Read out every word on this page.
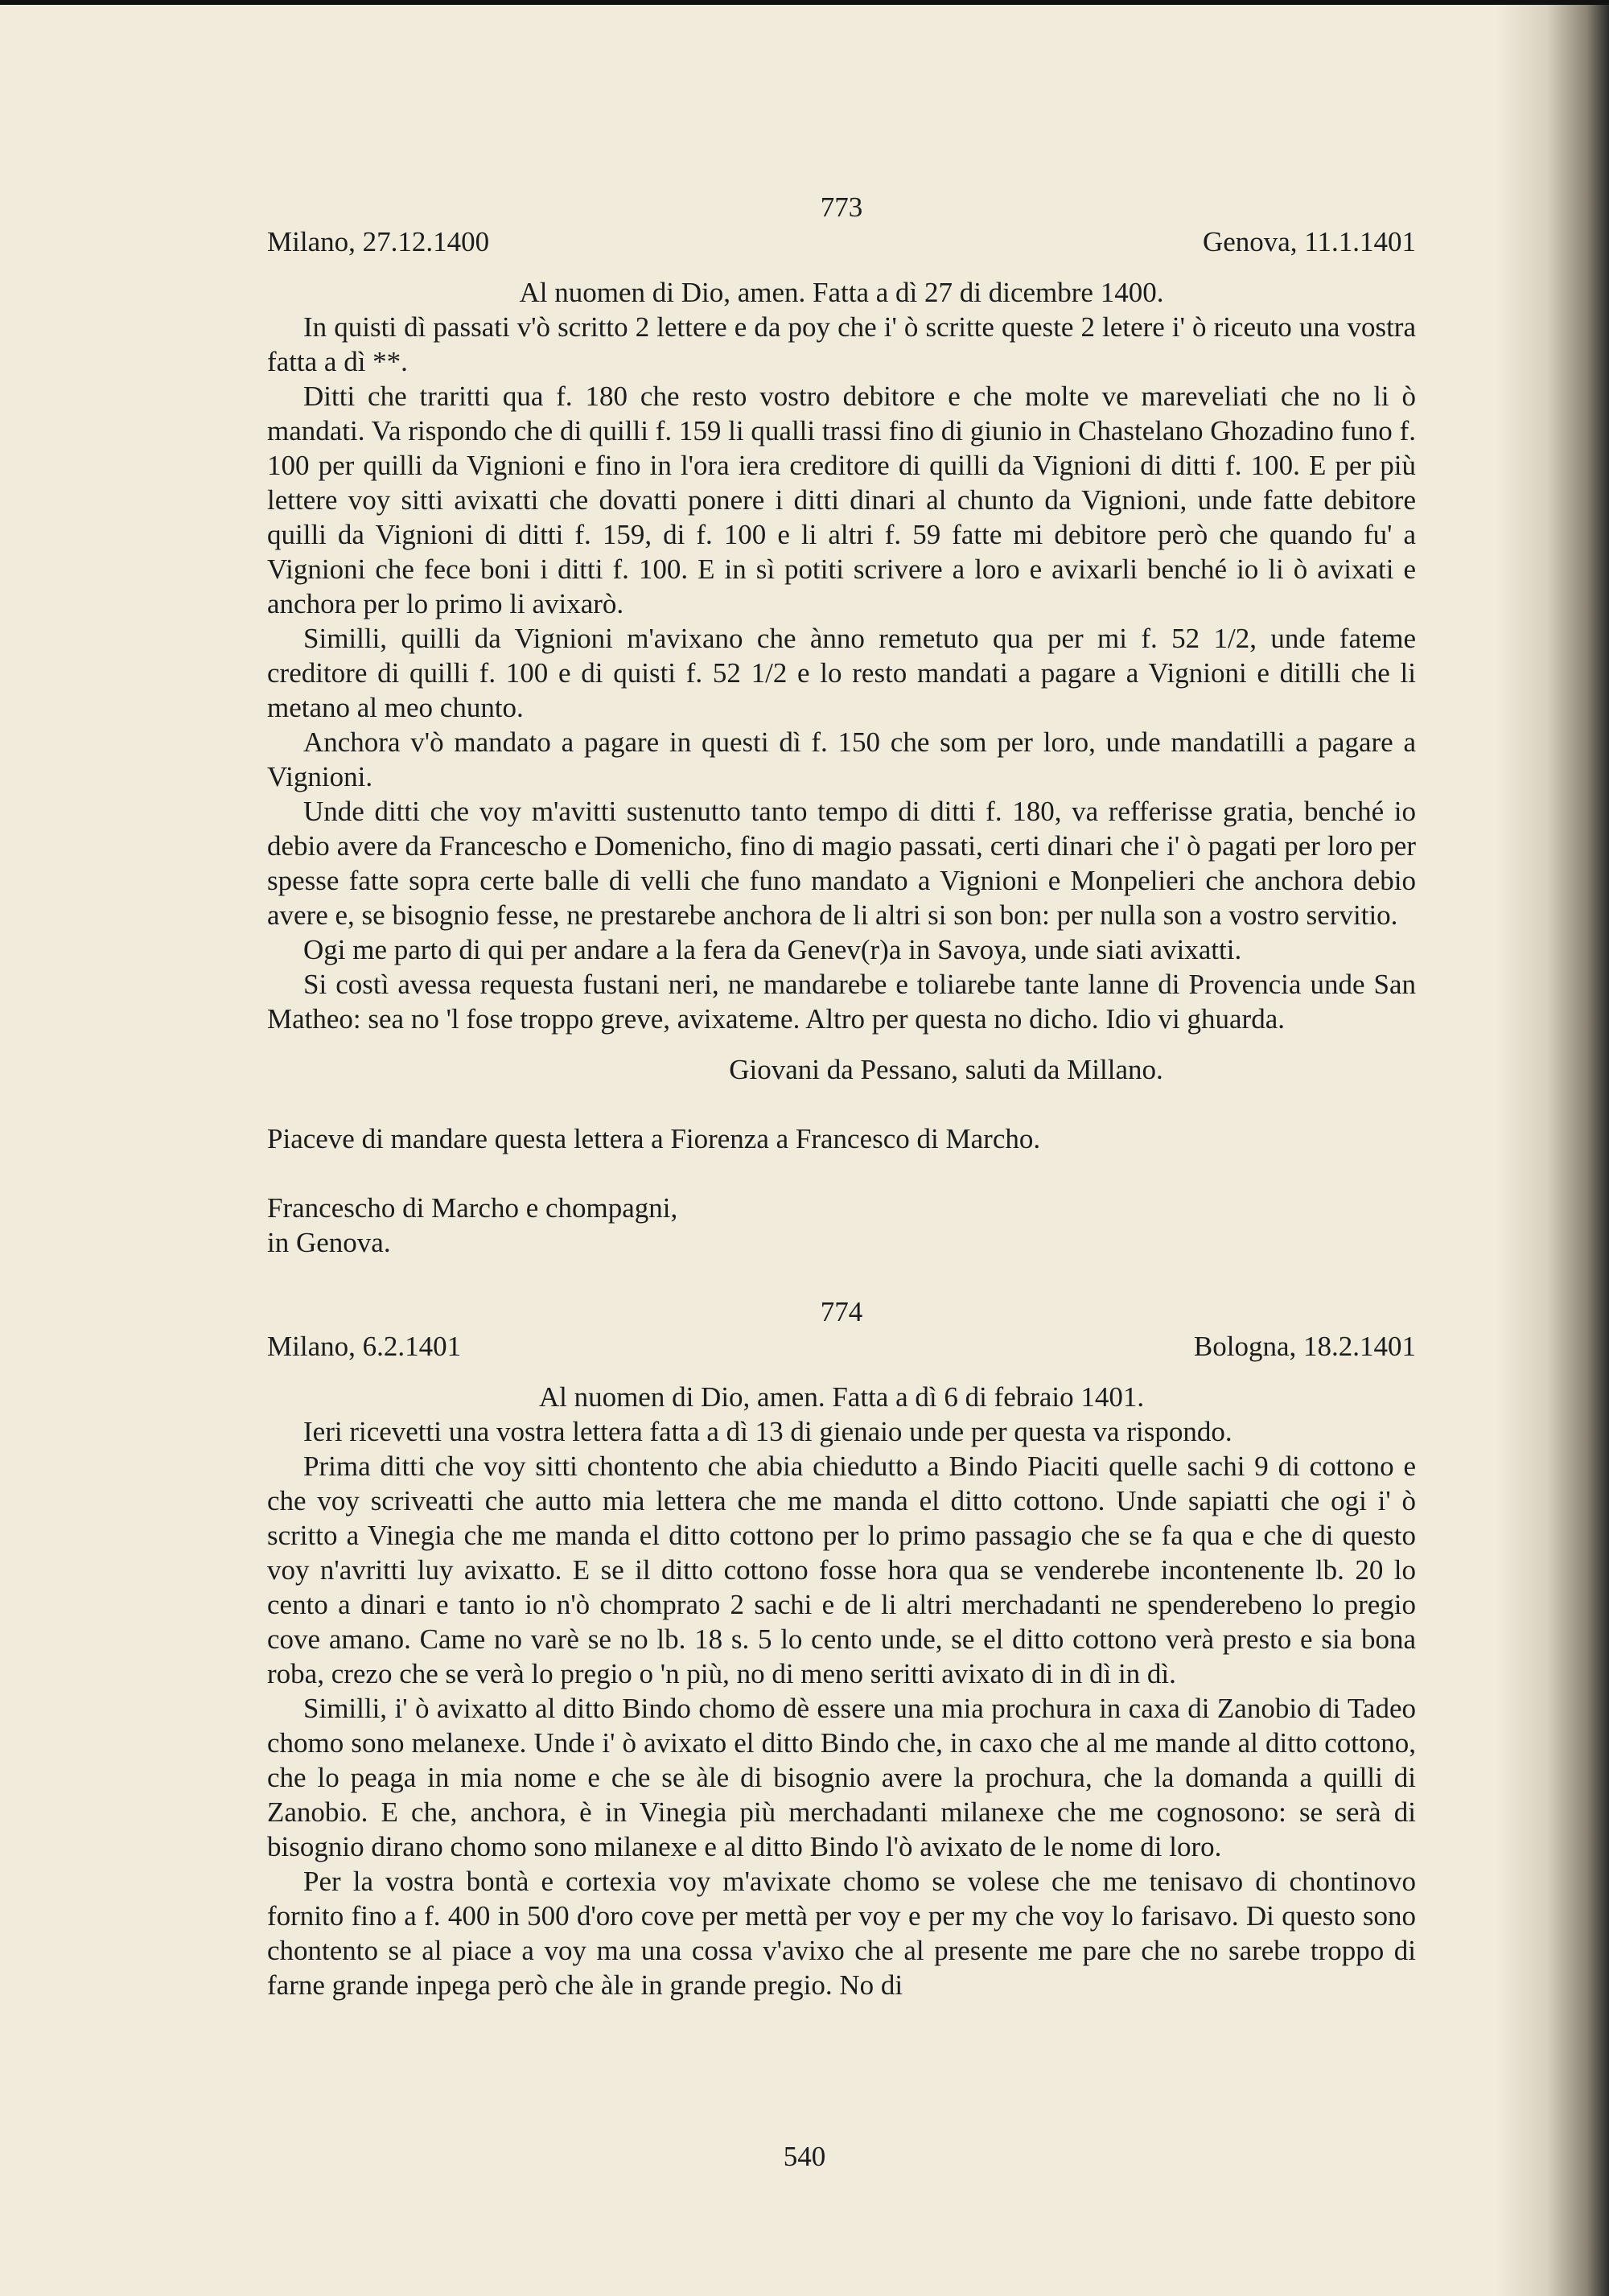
773
Milano, 27.12.1400	Genova, 11.1.1401
Al nuomen di Dio, amen. Fatta a dì 27 di dicembre 1400.

In quisti dì passati v'ò scritto 2 lettere e da poy che i' ò scritte queste 2 letere i' ò riceuto una vostra fatta a dì **.

Ditti che traritti qua f. 180 che resto vostro debitore e che molte ve mareveliati che no li ò mandati. Va rispondo che di quilli f. 159 li qualli trassi fino di giunio in Chastelano Ghozadino funo f. 100 per quilli da Vignioni e fino in l'ora iera creditore di quilli da Vignioni di ditti f. 100. E per più lettere voy sitti avixatti che dovatti ponere i ditti dinari al chunto da Vignioni, unde fatte debitore quilli da Vignioni di ditti f. 159, di f. 100 e li altri f. 59 fatte mi debitore però che quando fu' a Vignioni che fece boni i ditti f. 100. E in sì potiti scrivere a loro e avixarli benché io li ò avixati e anchora per lo primo li avixarò.

Similli, quilli da Vignioni m'avixano che ànno remetuto qua per mi f. 52 1/2, unde fateme creditore di quilli f. 100 e di quisti f. 52 1/2 e lo resto mandati a pagare a Vignioni e ditilli che li metano al meo chunto.

Anchora v'ò mandato a pagare in questi dì f. 150 che som per loro, unde mandatilli a pagare a Vignioni.

Unde ditti che voy m'avitti sustenutto tanto tempo di ditti f. 180, va refferisse gratia, benché io debio avere da Francescho e Domenicho, fino di magio passati, certi dinari che i' ò pagati per loro per spesse fatte sopra certe balle di velli che funo mandato a Vignioni e Monpelieri che anchora debio avere e, se bisognio fesse, ne prestarebe anchora de li altri si son bon: per nulla son a vostro servitio.

Ogi me parto di qui per andare a la fera da Genev(r)a in Savoya, unde siati avixatti.

Si costì avessa requesta fustani neri, ne mandarebe e toliarebe tante lanne di Provencia unde San Matheo: sea no 'l fose troppo greve, avixateme. Altro per questa no dicho. Idio vi ghuarda.

Giovani da Pessano, saluti da Millano.

Piaceve di mandare questa lettera a Fiorenza a Francesco di Marcho.

Francescho di Marcho e chompagni,
in Genova.
774
Milano, 6.2.1401	Bologna, 18.2.1401
Al nuomen di Dio, amen. Fatta a dì 6 di febraio 1401.

Ieri ricevetti una vostra lettera fatta a dì 13 di gienaio unde per questa va rispondo.

Prima ditti che voy sitti chontento che abia chiedutto a Bindo Piaciti quelle sachi 9 di cottono e che voy scriveatti che autto mia lettera che me manda el ditto cottono. Unde sapiatti che ogi i' ò scritto a Vinegia che me manda el ditto cottono per lo primo passagio che se fa qua e che di questo voy n'avritti luy avixatto. E se il ditto cottono fosse hora qua se venderebe incontenente lb. 20 lo cento a dinari e tanto io n'ò chomprato 2 sachi e de li altri merchadanti ne spenderebeno lo pregio cove amano. Came no varè se no lb. 18 s. 5 lo cento unde, se el ditto cottono verà presto e sia bona roba, crezo che se verà lo pregio o 'n più, no di meno seritti avixato di in dì in dì.

Similli, i' ò avixatto al ditto Bindo chomo dè essere una mia prochura in caxa di Zanobio di Tadeo chomo sono melanexe. Unde i' ò avixato el ditto Bindo che, in caxo che al me mande al ditto cottono, che lo peaga in mia nome e che se àle di bisognio avere la prochura, che la domanda a quilli di Zanobio. E che, anchora, è in Vinegia più merchadanti milanexe che me cognosono: se serà di bisognio dirano chomo sono milanexe e al ditto Bindo l'ò avixato de le nome di loro.

Per la vostra bontà e cortexia voy m'avixate chomo se volese che me tenisavo di chontinovo fornito fino a f. 400 in 500 d'oro cove per mettà per voy e per my che voy lo farisavo. Di questo sono chontento se al piace a voy ma una cossa v'avixo che al presente me pare che no sarebe troppo di farne grande inpega però che àle in grande pregio. No di

540
